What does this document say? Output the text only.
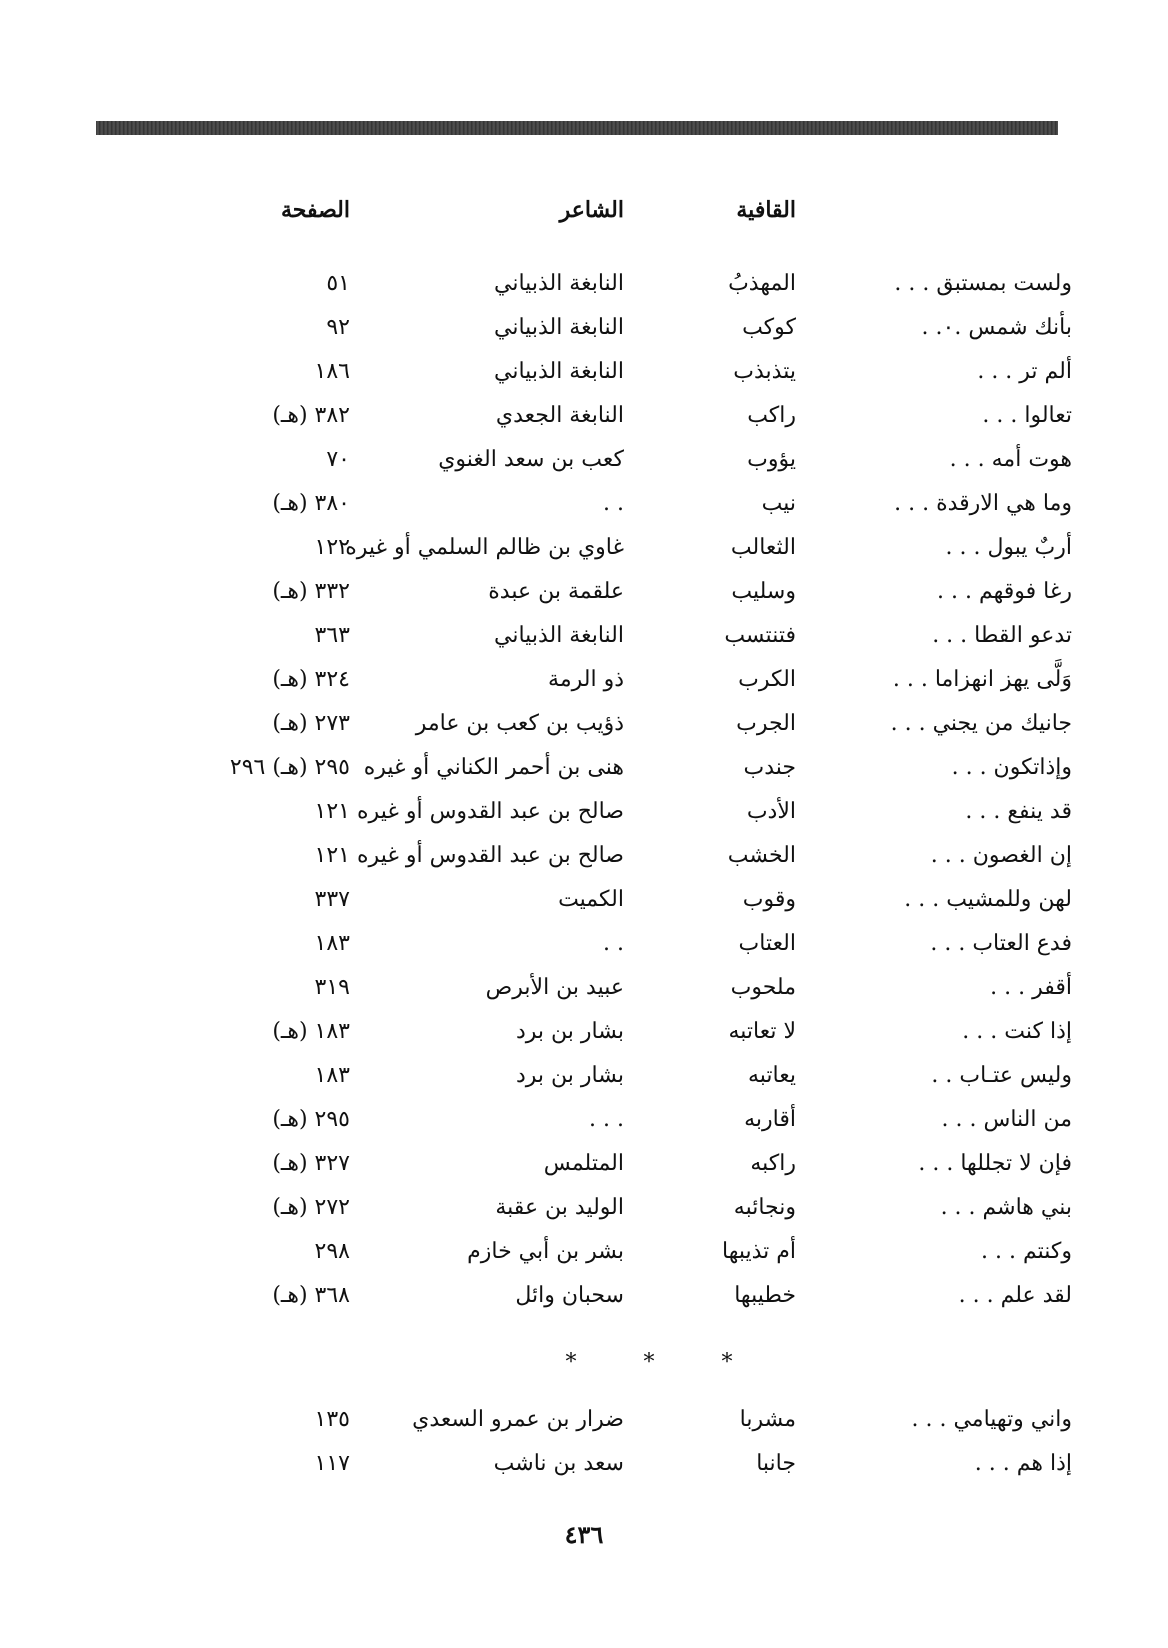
القافية
الشاعر
الصفحة
ولست بمستبق . . .
المهذبُ
النابغة الذبياني
٥١
بأنك شمس .٠. .
كوكب
النابغة الذبياني
٩٢
ألم تر . . .
يتذبذب
النابغة الذبياني
١٨٦
تعالوا . . .
راكب
النابغة الجعدي
٣٨٢ (هـ)
هوت أمه . . .
يؤوب
كعب بن سعد الغنوي
٧٠
وما هي الارقدة . . .
نيب
. .
٣٨٠ (هـ)
أربٌ يبول . . .
الثعالب
غاوي بن ظالم السلمي أو غيره
١٢٢
رغا فوقهم . . .
وسليب
علقمة بن عبدة
٣٣٢ (هـ)
تدعو القطا . . .
فتنتسب
النابغة الذبياني
٣٦٣
وَلَّى يهز انهزاما . . .
الكرب
ذو الرمة
٣٢٤ (هـ)
جانيك من يجني . . .
الجرب
ذؤيب بن كعب بن عامر
٢٧٣ (هـ)
وإذاتكون . . .
جندب
هنى بن أحمر الكناني أو غيره
٢٩٥ (هـ) ٢٩٦
قد ينفع . . .
الأدب
صالح بن عبد القدوس أو غيره
١٢١
إن الغصون . . .
الخشب
صالح بن عبد القدوس أو غيره
١٢١
لهن وللمشيب . . .
وقوب
الكميت
٣٣٧
فدع العتاب . . .
العتاب
. .
١٨٣
أقفر . . .
ملحوب
عبيد بن الأبرص
٣١٩
إذا كنت . . .
لا تعاتبه
بشار بن برد
١٨٣ (هـ)
وليس عتـاب . .
يعاتبه
بشار بن برد
١٨٣
من الناس . . .
أقاربه
. . .
٢٩٥ (هـ)
فإن لا تجللها . . .
راكبه
المتلمس
٣٢٧ (هـ)
بني هاشم . . .
ونجائبه
الوليد بن عقبة
٢٧٢ (هـ)
وكنتم . . .
أم تذيبها
بشر بن أبي خازم
٢٩٨
لقد علم . . .
خطيبها
سحبان وائل
٣٦٨ (هـ)
* * *
واني وتهيامي . . .
مشربا
ضرار بن عمرو السعدي
١٣٥
إذا هم . . .
جانبا
سعد بن ناشب
١١٧
٤٣٦
